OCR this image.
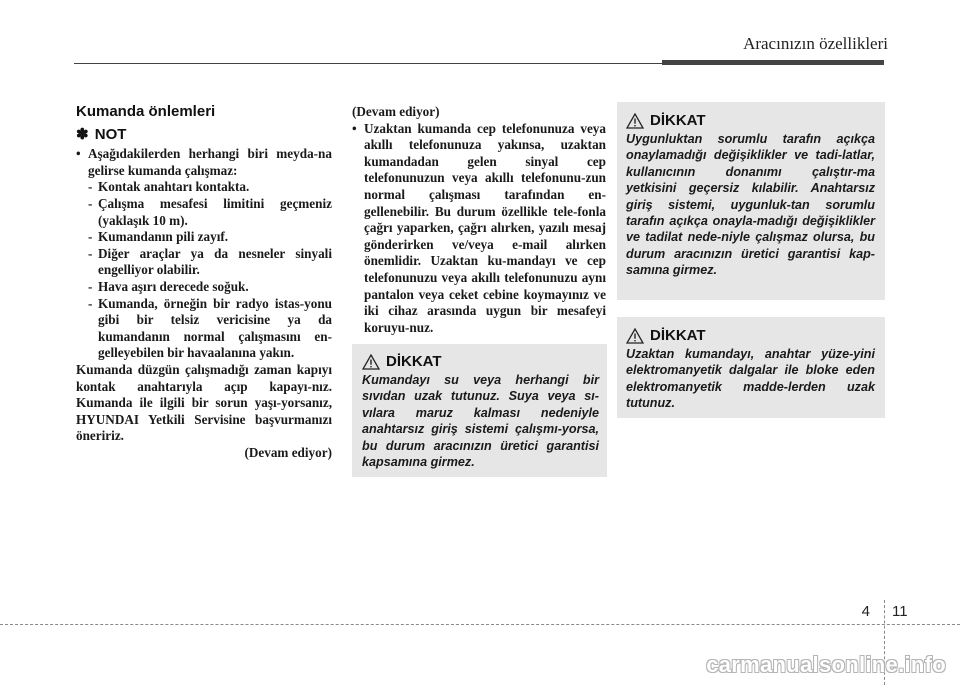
Aracınızın özellikleri
Kumanda önlemleri
✽ NOT

• Aşağıdakilerden herhangi biri meyda-na gelirse kumanda çalışmaz:

- Kontak anahtarı kontakta.

- Çalışma mesafesi limitini geçmeniz (yaklaşık 10 m).

- Kumandanın pili zayıf.

- Diğer araçlar ya da nesneler sinyali engelliyor olabilir.

- Hava aşırı derecede soğuk.

- Kumanda, örneğin bir radyo istas-yonu gibi bir telsiz vericisine ya da kumandanın normal çalışmasını en-gelleyebilen bir havaalanına yakın.

Kumanda düzgün çalışmadığı zaman kapıyı kontak anahtarıyla açıp kapayı-nız. Kumanda ile ilgili bir sorun yaşı-yorsanız, HYUNDAI Yetkili Servisine başvurmanızı öneririz.

(Devam ediyor)

(Devam ediyor)

• Uzaktan kumanda cep telefonunuza veya akıllı telefonunuza yakınsa, uzaktan kumandadan gelen sinyal cep telefonunuzun veya akıllı telefonunu-zun normal çalışması tarafından en-gellenebilir. Bu durum özellikle tele-fonla çağrı yaparken, çağrı alırken, yazılı mesaj gönderirken ve/veya e-mail alırken önemlidir. Uzaktan ku-mandayı ve cep telefonunuzu veya akıllı telefonunuzu aynı pantalon veya ceket cebine koymayınız ve iki cihaz arasında uygun bir mesafeyi koruyu-nuz.

DİKKAT

Kumandayı su veya herhangi bir sıvıdan uzak tutunuz. Suya veya sı-vılara maruz kalması nedeniyle anahtarsız giriş sistemi çalışmı-yorsa, bu durum aracınızın üretici garantisi kapsamına girmez.

DİKKAT

Uygunluktan sorumlu tarafın açıkça onaylamadığı değişiklikler ve tadi-latlar, kullanıcının donanımı çalıştır-ma yetkisini geçersiz kılabilir. Anahtarsız giriş sistemi, uygunluk-tan sorumlu tarafın açıkça onayla-madığı değişiklikler ve tadilat nede-niyle çalışmaz olursa, bu durum aracınızın üretici garantisi kap-samına girmez.

DİKKAT

Uzaktan kumandayı, anahtar yüze-yini elektromanyetik dalgalar ile bloke eden elektromanyetik madde-lerden uzak tutunuz.

4 11
carmanualsonline.info
